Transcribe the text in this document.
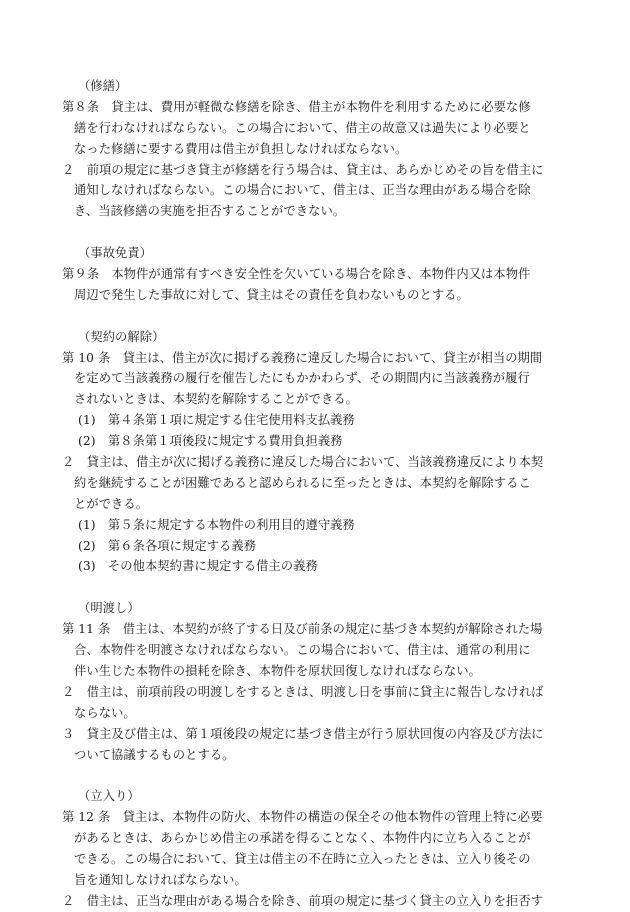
（修繕）
第８条　貸主は、費用が軽微な修繕を除き、借主が本物件を利用するために必要な修
繕を行わなければならない。この場合において、借主の故意又は過失により必要と
なった修繕に要する費用は借主が負担しなければならない。
２　前項の規定に基づき貸主が修繕を行う場合は、貸主は、あらかじめその旨を借主に
通知しなければならない。この場合において、借主は、正当な理由がある場合を除
き、当該修繕の実施を拒否することができない。
（事故免責）
第９条　本物件が通常有すべき安全性を欠いている場合を除き、本物件内又は本物件
周辺で発生した事故に対して、貸主はその責任を負わないものとする。
（契約の解除）
第 10 条　貸主は、借主が次に掲げる義務に違反した場合において、貸主が相当の期間
を定めて当該義務の履行を催告したにもかかわらず、その期間内に当該義務が履行
されないときは、本契約を解除することができる。
(1)　第４条第１項に規定する住宅使用料支払義務
(2)　第８条第１項後段に規定する費用負担義務
２　貸主は、借主が次に掲げる義務に違反した場合において、当該義務違反により本契
約を継続することが困難であると認められるに至ったときは、本契約を解除するこ
とができる。
(1)　第５条に規定する本物件の利用目的遵守義務
(2)　第６条各項に規定する義務
(3)　その他本契約書に規定する借主の義務
（明渡し）
第 11 条　借主は、本契約が終了する日及び前条の規定に基づき本契約が解除された場
合、本物件を明渡さなければならない。この場合において、借主は、通常の利用に
伴い生じた本物件の損耗を除き、本物件を原状回復しなければならない。
２　借主は、前項前段の明渡しをするときは、明渡し日を事前に貸主に報告しなければ
ならない。
３　貸主及び借主は、第１項後段の規定に基づき借主が行う原状回復の内容及び方法に
ついて協議するものとする。
（立入り）
第 12 条　貸主は、本物件の防火、本物件の構造の保全その他本物件の管理上特に必要
があるときは、あらかじめ借主の承諾を得ることなく、本物件内に立ち入ることが
できる。この場合において、貸主は借主の不在時に立入ったときは、立入り後その
旨を通知しなければならない。
２　借主は、正当な理由がある場合を除き、前項の規定に基づく貸主の立入りを拒否す
